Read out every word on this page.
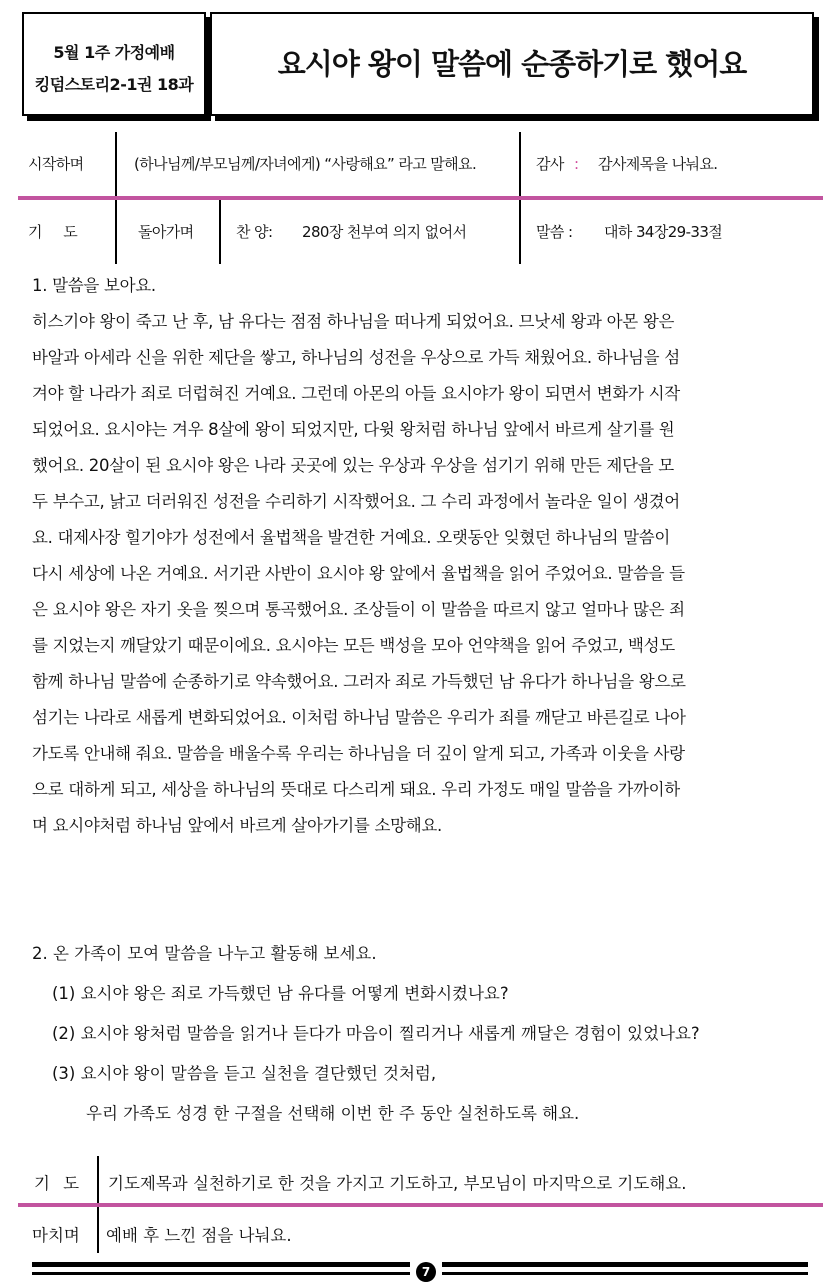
5월 1주 가정예배
킹덤스토리2-1권 18과
요시야 왕이 말씀에 순종하기로 했어요
시작하며	(하나님께/부모님께/자녀에게) “사랑해요” 라고 말해요.	감사 : 감사제목을 나눠요.
기 도	돌아가며	찬 양: 280장 천부여 의지 없어서	말씀 : 대하 34장29-33절

1. 말씀을 보아요.

히스기야 왕이 죽고 난 후, 남 유다는 점점 하나님을 떠나게 되었어요. 므낫세 왕과 아몬 왕은

바알과 아세라 신을 위한 제단을 쌓고, 하나님의 성전을 우상으로 가득 채웠어요. 하나님을 섬

겨야 할 나라가 죄로 더럽혀진 거예요. 그런데 아몬의 아들 요시야가 왕이 되면서 변화가 시작

되었어요. 요시야는 겨우 8살에 왕이 되었지만, 다윗 왕처럼 하나님 앞에서 바르게 살기를 원

했어요. 20살이 된 요시야 왕은 나라 곳곳에 있는 우상과 우상을 섬기기 위해 만든 제단을 모

두 부수고, 낡고 더러워진 성전을 수리하기 시작했어요. 그 수리 과정에서 놀라운 일이 생겼어

요. 대제사장 힐기야가 성전에서 율법책을 발견한 거예요. 오랫동안 잊혔던 하나님의 말씀이

다시 세상에 나온 거예요. 서기관 사반이 요시야 왕 앞에서 율법책을 읽어 주었어요. 말씀을 들

은 요시야 왕은 자기 옷을 찢으며 통곡했어요. 조상들이 이 말씀을 따르지 않고 얼마나 많은 죄

를 지었는지 깨달았기 때문이에요. 요시야는 모든 백성을 모아 언약책을 읽어 주었고, 백성도

함께 하나님 말씀에 순종하기로 약속했어요. 그러자 죄로 가득했던 남 유다가 하나님을 왕으로

섬기는 나라로 새롭게 변화되었어요. 이처럼 하나님 말씀은 우리가 죄를 깨닫고 바른길로 나아

가도록 안내해 줘요. 말씀을 배울수록 우리는 하나님을 더 깊이 알게 되고, 가족과 이웃을 사랑

으로 대하게 되고, 세상을 하나님의 뜻대로 다스리게 돼요. 우리 가정도 매일 말씀을 가까이하

며 요시야처럼 하나님 앞에서 바르게 살아가기를 소망해요.

2. 온 가족이 모여 말씀을 나누고 활동해 보세요.
(1) 요시야 왕은 죄로 가득했던 남 유다를 어떻게 변화시켰나요?
(2) 요시야 왕처럼 말씀을 읽거나 듣다가 마음이 찔리거나 새롭게 깨달은 경험이 있었나요?
(3) 요시야 왕이 말씀을 듣고 실천을 결단했던 것처럼,
우리 가족도 성경 한 구절을 선택해 이번 한 주 동안 실천하도록 해요.
기 도 기도제목과 실천하기로 한 것을 가지고 기도하고, 부모님이 마지막으로 기도해요.
마치며 예배 후 느낀 점을 나눠요.
7
